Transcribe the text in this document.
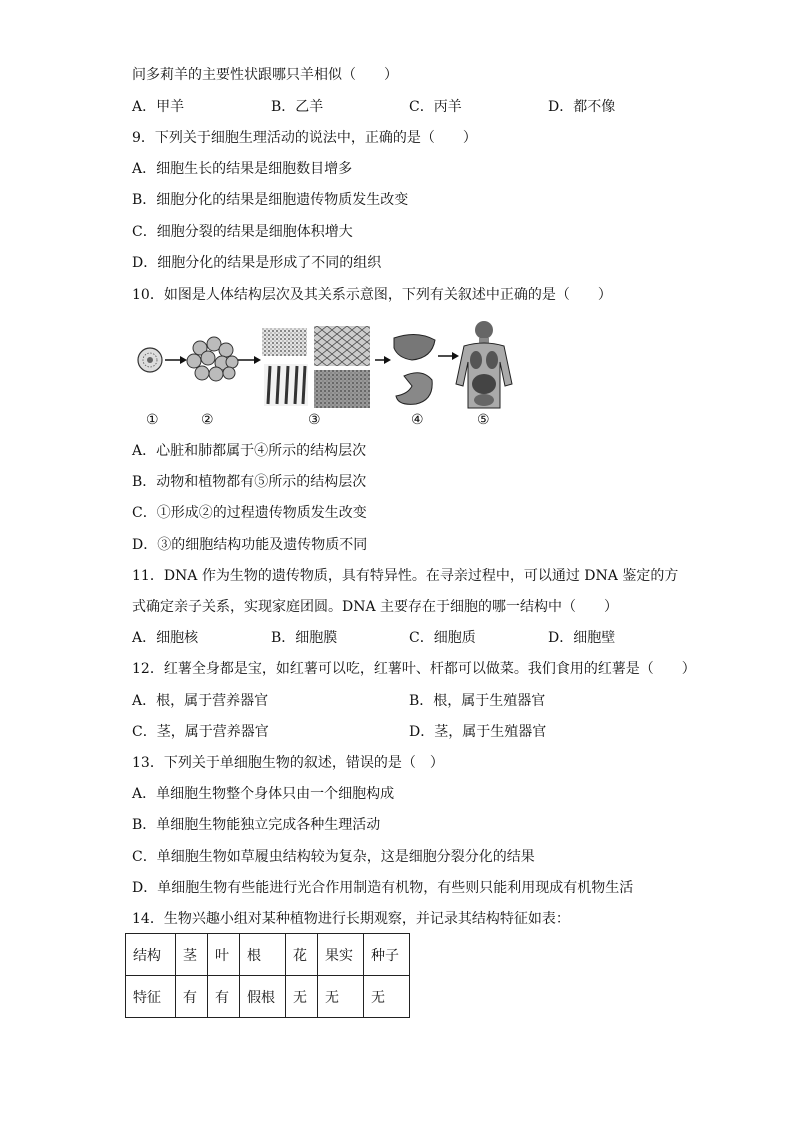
问多莉羊的主要性状跟哪只羊相似（　　）
A．甲羊	B．乙羊	C．丙羊	D．都不像
9．下列关于细胞生理活动的说法中，正确的是（　　）
A．细胞生长的结果是细胞数目增多
B．细胞分化的结果是细胞遗传物质发生改变
C．细胞分裂的结果是细胞体积增大
D．细胞分化的结果是形成了不同的组织
10．如图是人体结构层次及其关系示意图，下列有关叙述中正确的是（　　）
①	②	③	④	⑤
A．心脏和肺都属于④所示的结构层次
B．动物和植物都有⑤所示的结构层次
C．①形成②的过程遗传物质发生改变
D．③的细胞结构功能及遗传物质不同
11．DNA 作为生物的遗传物质，具有特异性。在寻亲过程中，可以通过 DNA 鉴定的方
式确定亲子关系，实现家庭团圆。DNA 主要存在于细胞的哪一结构中（　　）
A．细胞核	B．细胞膜	C．细胞质	D．细胞壁
12．红薯全身都是宝，如红薯可以吃，红薯叶、杆都可以做菜。我们食用的红薯是（　　）
A．根，属于营养器官	B．根，属于生殖器官
C．茎，属于营养器官	D．茎，属于生殖器官
13．下列关于单细胞生物的叙述，错误的是（　）
A．单细胞生物整个身体只由一个细胞构成
B．单细胞生物能独立完成各种生理活动
C．单细胞生物如草履虫结构较为复杂，这是细胞分裂分化的结果
D．单细胞生物有些能进行光合作用制造有机物，有些则只能利用现成有机物生活
14．生物兴趣小组对某种植物进行长期观察，并记录其结构特征如表：
结构	茎	叶	根	花	果实	种子
特征	有	有	假根	无	无	无
